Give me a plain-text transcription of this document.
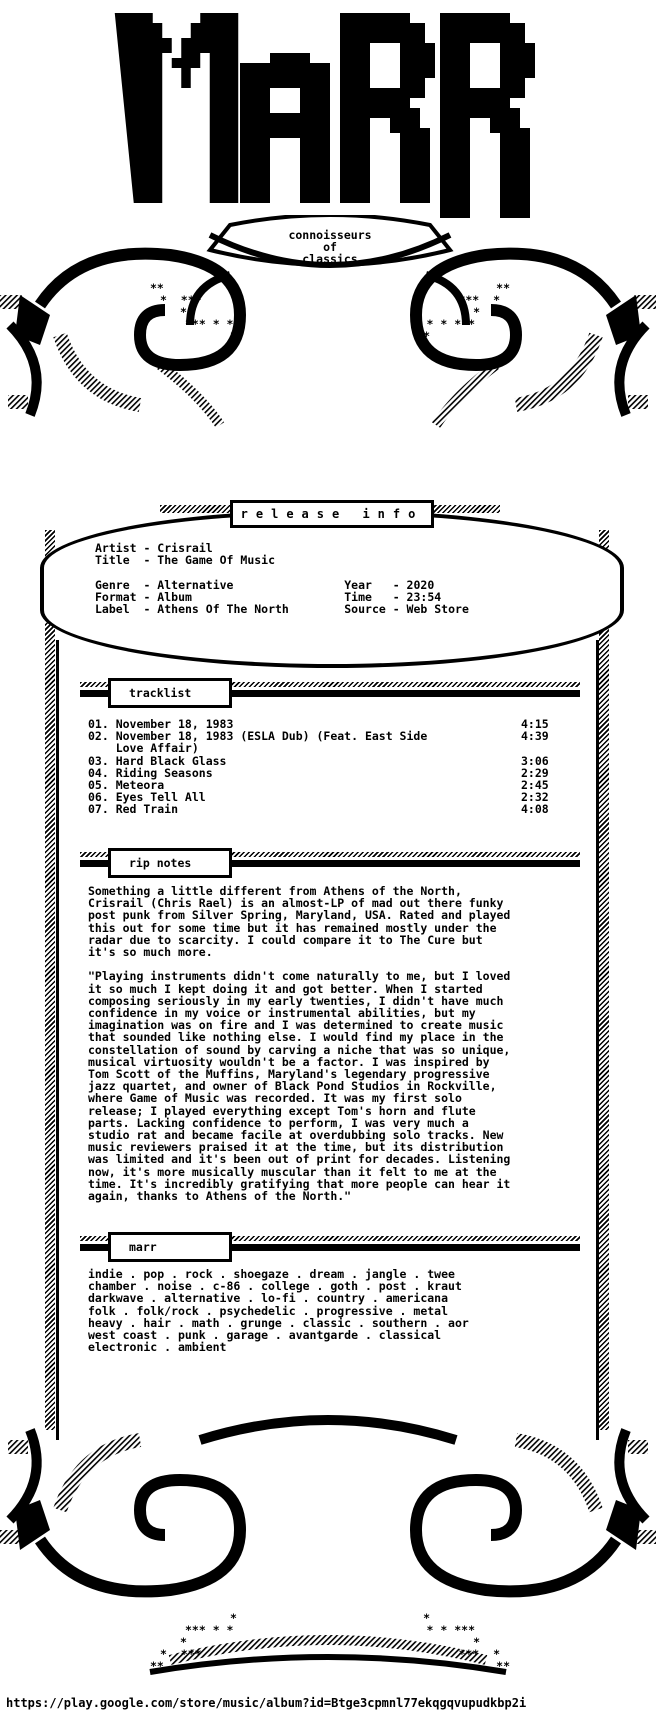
connoisseurs
of
classics

**
*  ***
*
*** * *
*

**
***  *
*
* * ***
*

release info
Artist - Crisrail
Title  - The Game Of Music
Genre  - Alternative                Year   - 2020
Format - Album                      Time   - 23:54
Label  - Athens Of The North        Source - Web Store
tracklist
01. November 18, 1983	4:15
02. November 18, 1983 (ESLA Dub) (Feat. East Side	4:39
Love Affair)
03. Hard Black Glass	3:06
04. Riding Seasons	2:29
05. Meteora	2:45
06. Eyes Tell All	2:32
07. Red Train	4:08
rip notes
Something a little different from Athens of the North,
Crisrail (Chris Rael) is an almost-LP of mad out there funky
post punk from Silver Spring, Maryland, USA. Rated and played
this out for some time but it has remained mostly under the
radar due to scarcity. I could compare it to The Cure but
it's so much more.

"Playing instruments didn't come naturally to me, but I loved
it so much I kept doing it and got better. When I started
composing seriously in my early twenties, I didn't have much
confidence in my voice or instrumental abilities, but my
imagination was on fire and I was determined to create music
that sounded like nothing else. I would find my place in the
constellation of sound by carving a niche that was so unique,
musical virtuosity wouldn't be a factor. I was inspired by
Tom Scott of the Muffins, Maryland's legendary progressive
jazz quartet, and owner of Black Pond Studios in Rockville,
where Game of Music was recorded. It was my first solo
release; I played everything except Tom's horn and flute
parts. Lacking confidence to perform, I was very much a
studio rat and became facile at overdubbing solo tracks. New
music reviewers praised it at the time, but its distribution
was limited and it's been out of print for decades. Listening
now, it's more musically muscular than it felt to me at the
time. It's incredibly gratifying that more people can hear it
again, thanks to Athens of the North."
marr
indie . pop . rock . shoegaze . dream . jangle . twee
chamber . noise . c-86 . college . goth . post . kraut
darkwave . alternative . lo-fi . country . americana
folk . folk/rock . psychedelic . progressive . metal
heavy . hair . math . grunge . classic . southern . aor
west coast . punk . garage . avantgarde . classical
electronic . ambient

*
*** * *
*
*  ***
**

*
* * ***
*
***  *
**

https://play.google.com/store/music/album?id=Btge3cpmnl77ekqgqvupudkbp2i
